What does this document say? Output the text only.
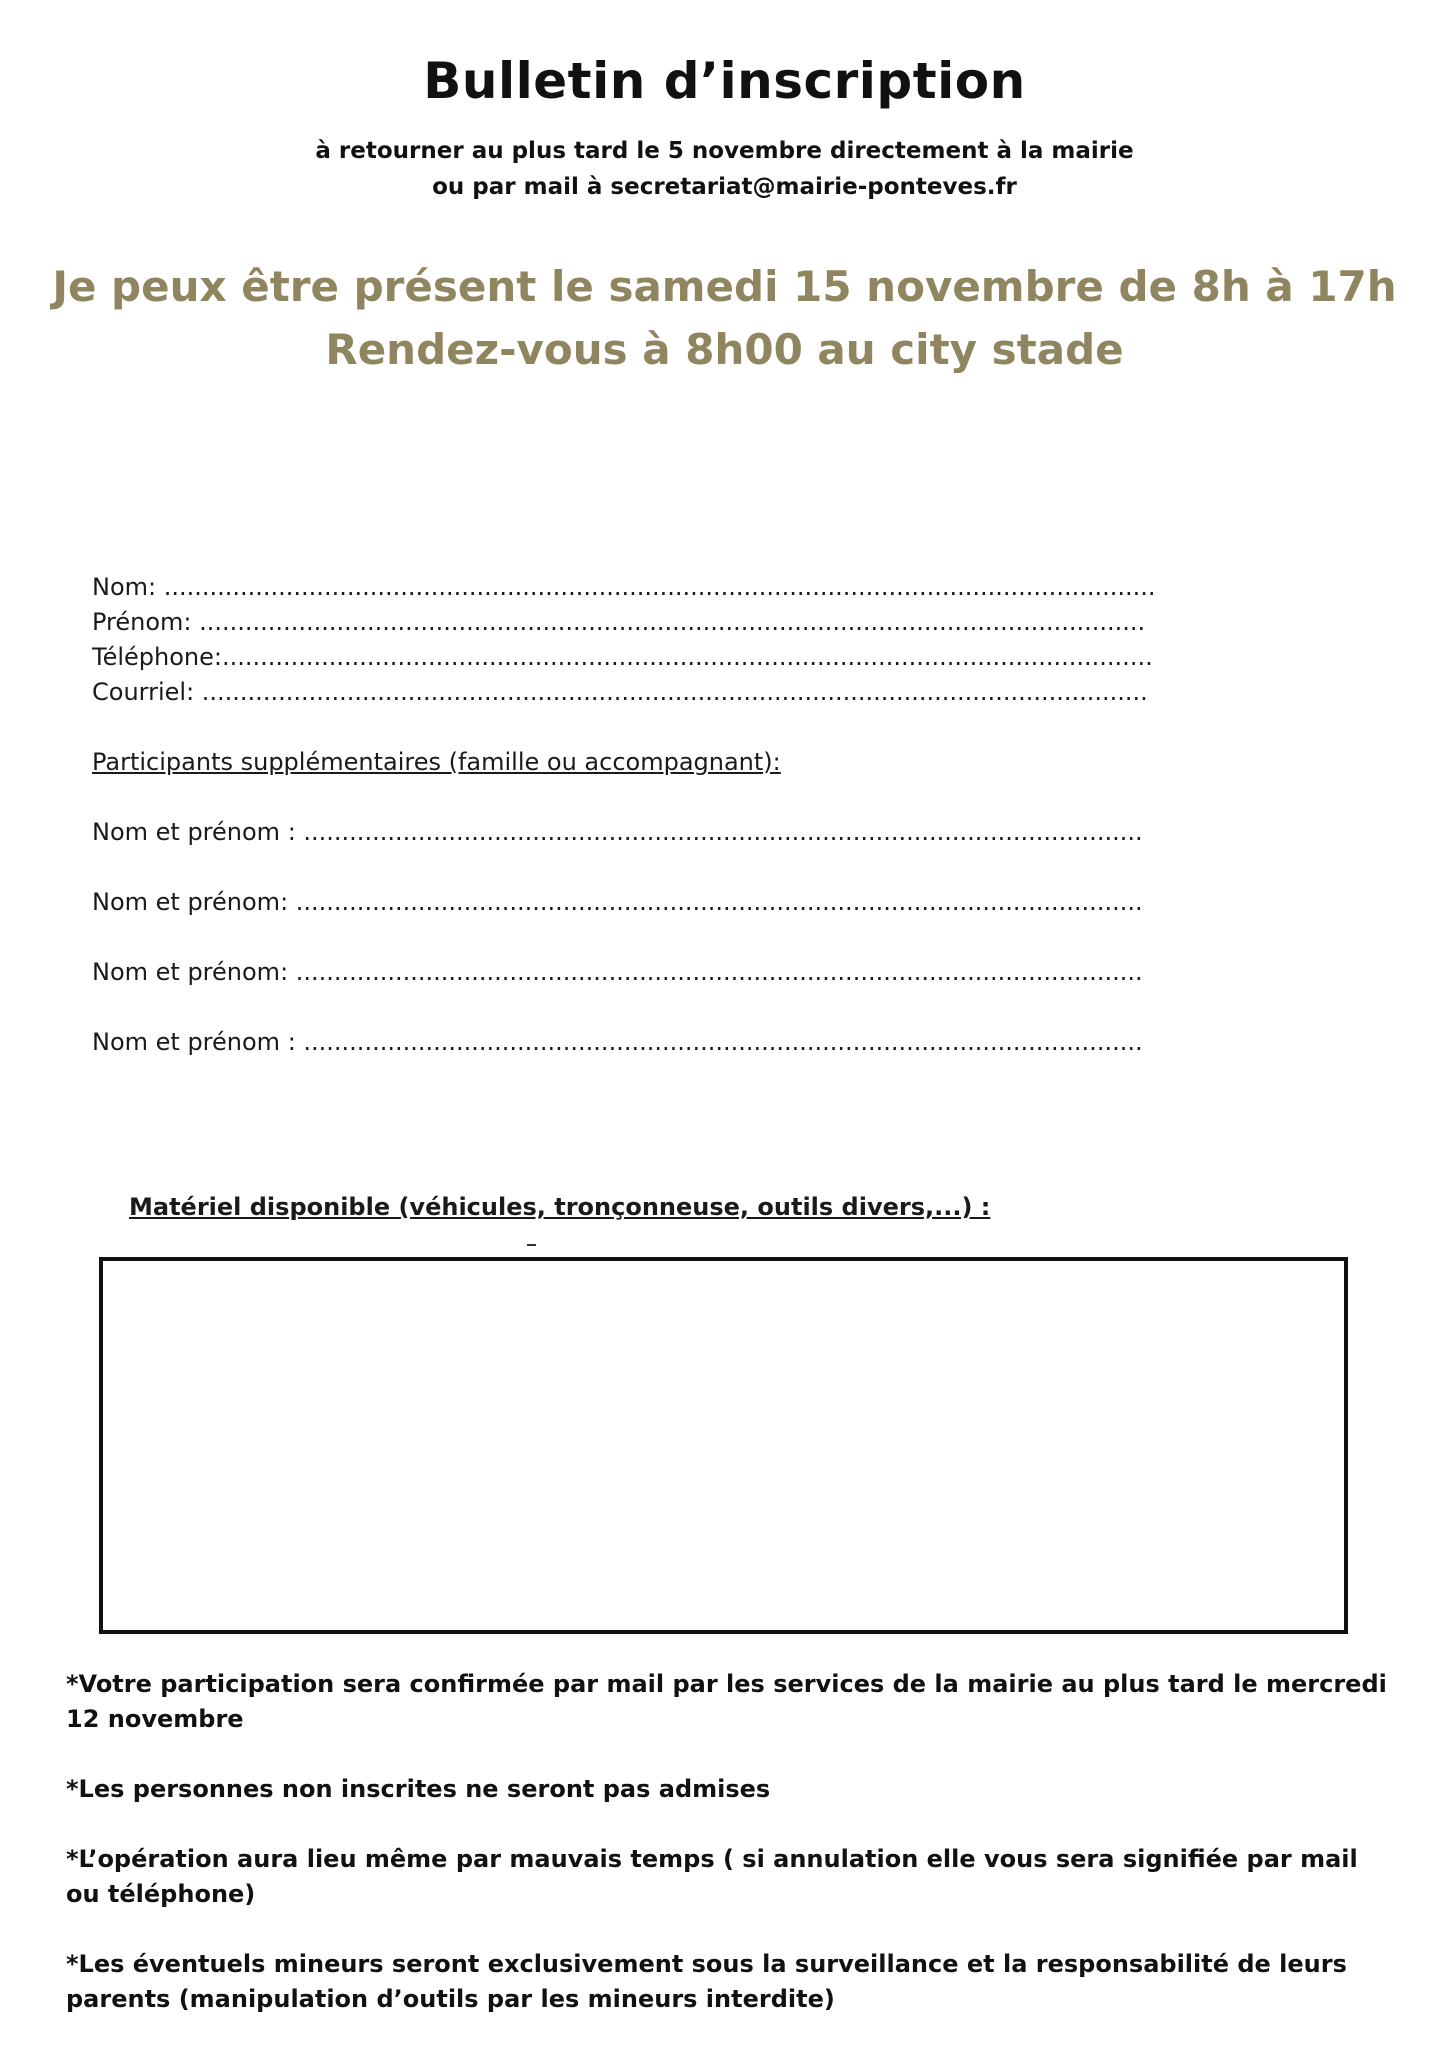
Bulletin d’inscription
à retourner au plus tard le 5 novembre directement à la mairie
ou par mail à secretariat@mairie-ponteves.fr
Je peux être présent le samedi 15 novembre de 8h à 17h
Rendez-vous à 8h00 au city stade
Nom: ..................................................................................................................................
Prénom: ............................................................................................................................
Téléphone:..........................................................................................................................
Courriel: ............................................................................................................................
Participants supplémentaires (famille ou accompagnant):
Nom et prénom : ..............................................................................................................
Nom et prénom: ...............................................................................................................
Nom et prénom: ...............................................................................................................
Nom et prénom : ..............................................................................................................
Matériel disponible (véhicules, tronçonneuse, outils divers,...) :
*Votre participation sera confirmée par mail par les services de la mairie au plus tard le mercredi 12 novembre
*Les personnes non inscrites ne seront pas admises
*L’opération aura lieu même par mauvais temps ( si annulation elle vous sera signifiée par mail ou téléphone)
*Les éventuels mineurs seront exclusivement sous la surveillance et la responsabilité de leurs parents (manipulation d’outils par les mineurs interdite)
